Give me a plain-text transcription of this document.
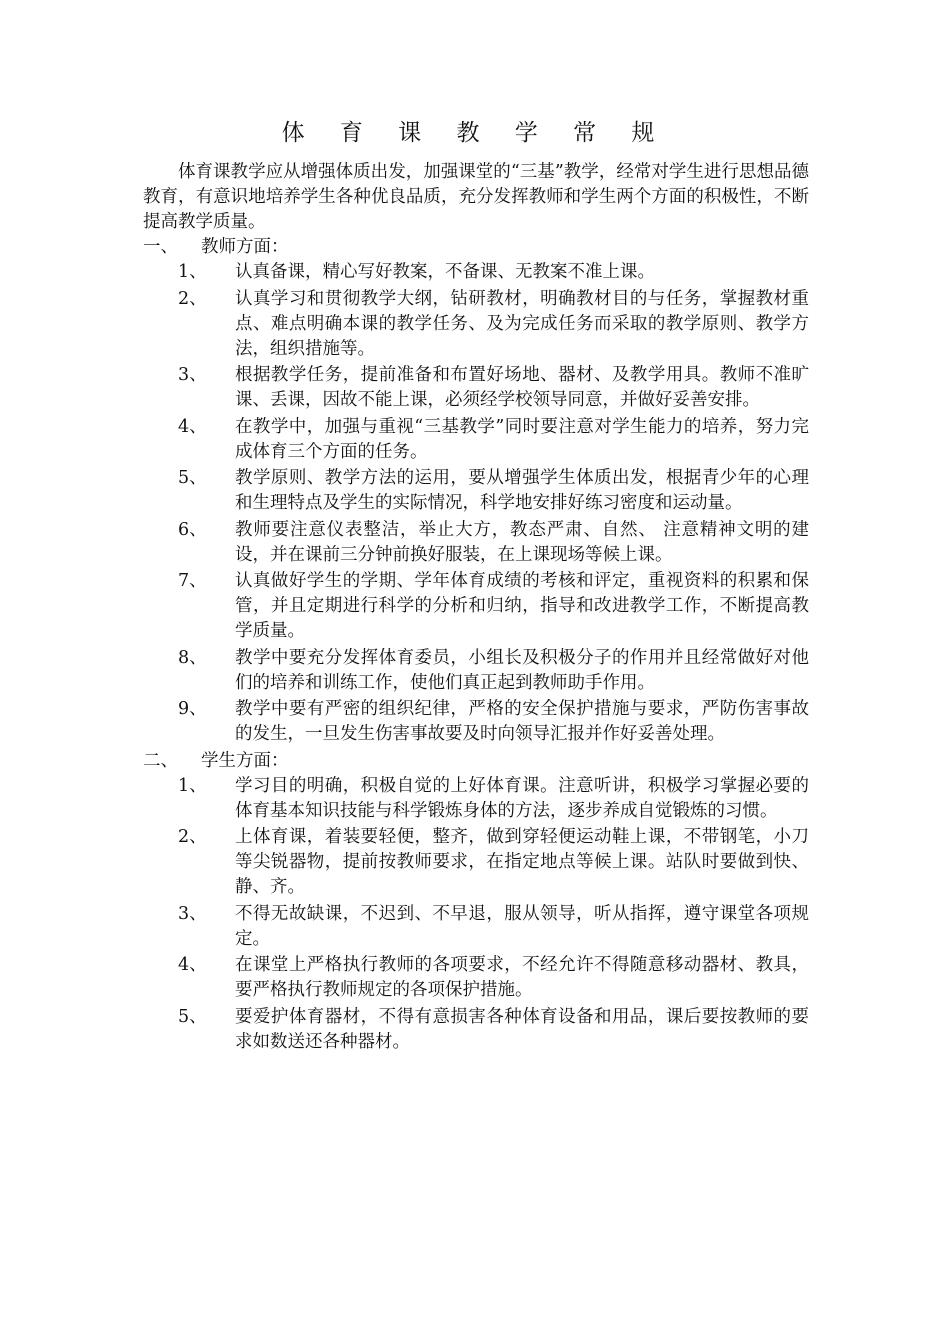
体 育 课 教 学 常 规

体育课教学应从增强体质出发，加强课堂的“三基”教学，经常对学生进行思想品德教育，有意识地培养学生各种优良品质，充分发挥教师和学生两个方面的积极性，不断提高教学质量。

一、 教师方面：
1、 认真备课，精心写好教案，不备课、无教案不准上课。
2、 认真学习和贯彻教学大纲，钻研教材，明确教材目的与任务，掌握教材重点、难点明确本课的教学任务、及为完成任务而采取的教学原则、教学方法，组织措施等。
3、 根据教学任务，提前准备和布置好场地、器材、及教学用具。教师不准旷课、丢课，因故不能上课，必须经学校领导同意，并做好妥善安排。
4、 在教学中，加强与重视“三基教学”同时要注意对学生能力的培养，努力完成体育三个方面的任务。
5、 教学原则、教学方法的运用，要从增强学生体质出发，根据青少年的心理和生理特点及学生的实际情况，科学地安排好练习密度和运动量。
6、 教师要注意仪表整洁，举止大方，教态严肃、自然、 注意精神文明的建设，并在课前三分钟前换好服装，在上课现场等候上课。
7、 认真做好学生的学期、学年体育成绩的考核和评定，重视资料的积累和保管，并且定期进行科学的分析和归纳，指导和改进教学工作，不断提高教学质量。
8、 教学中要充分发挥体育委员，小组长及积极分子的作用并且经常做好对他们的培养和训练工作，使他们真正起到教师助手作用。
9、 教学中要有严密的组织纪律，严格的安全保护措施与要求，严防伤害事故的发生，一旦发生伤害事故要及时向领导汇报并作好妥善处理。
二、 学生方面：
1、 学习目的明确，积极自觉的上好体育课。注意听讲，积极学习掌握必要的体育基本知识技能与科学锻炼身体的方法，逐步养成自觉锻炼的习惯。
2、 上体育课，着装要轻便，整齐，做到穿轻便运动鞋上课，不带钢笔，小刀等尖锐器物，提前按教师要求，在指定地点等候上课。站队时要做到快、静、齐。
3、 不得无故缺课，不迟到、不早退，服从领导，听从指挥，遵守课堂各项规定。
4、 在课堂上严格执行教师的各项要求，不经允许不得随意移动器材、教具，要严格执行教师规定的各项保护措施。
5、 要爱护体育器材，不得有意损害各种体育设备和用品，课后要按教师的要求如数送还各种器材。
